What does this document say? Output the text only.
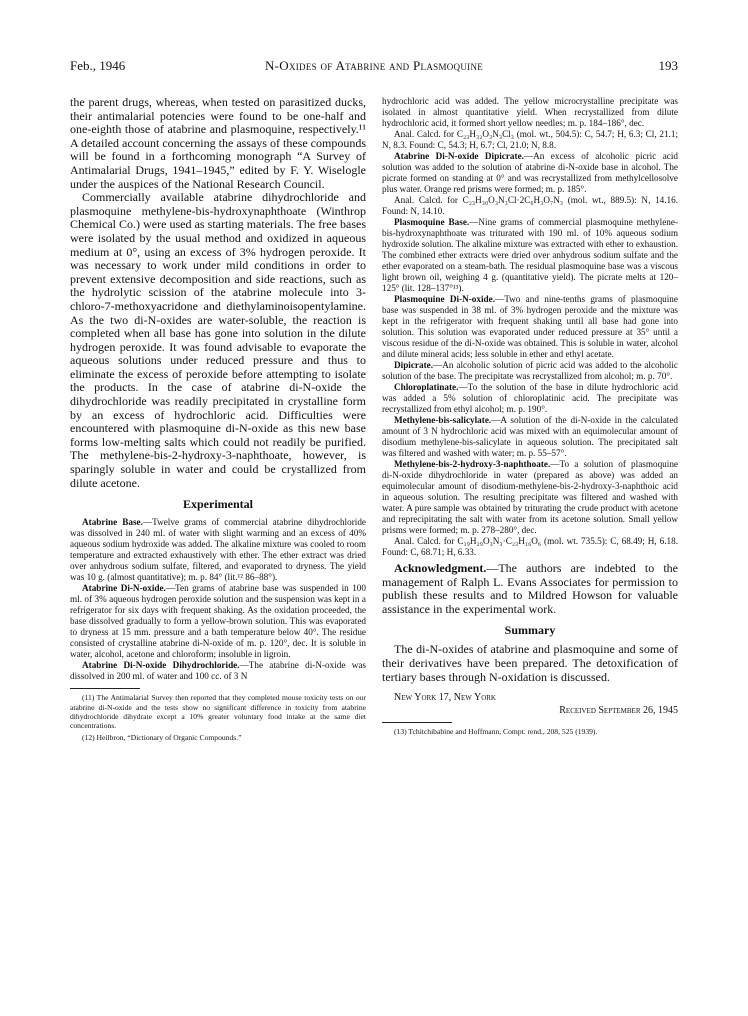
Feb., 1946	N-Oxides of Atabrine and Plasmoquine	193

the parent drugs, whereas, when tested on parasitized ducks, their antimalarial potencies were found to be one-half and one-eighth those of atabrine and plasmoquine, respectively.¹¹ A detailed account concerning the assays of these compounds will be found in a forthcoming monograph “A Survey of Antimalarial Drugs, 1941–1945,” edited by F. Y. Wiselogle under the auspices of the National Research Council.

Commercially available atabrine dihydrochloride and plasmoquine methylene-bis-hydroxynaphthoate (Winthrop Chemical Co.) were used as starting materials. The free bases were isolated by the usual method and oxidized in aqueous medium at 0°, using an excess of 3% hydrogen peroxide. It was necessary to work under mild conditions in order to prevent extensive decomposition and side reactions, such as the hydrolytic scission of the atabrine molecule into 3-chloro-7-methoxyacridone and diethylaminoisopentylamine. As the two di-N-oxides are water-soluble, the reaction is completed when all base has gone into solution in the dilute hydrogen peroxide. It was found advisable to evaporate the aqueous solutions under reduced pressure and thus to eliminate the excess of peroxide before attempting to isolate the products. In the case of atabrine di-N-oxide the dihydrochloride was readily precipitated in crystalline form by an excess of hydrochloric acid. Difficulties were encountered with plasmoquine di-N-oxide as this new base forms low-melting salts which could not readily be purified. The methylene-bis-2-hydroxy-3-naphthoate, however, is sparingly soluble in water and could be crystallized from dilute acetone.

Experimental

Atabrine Base.—Twelve grams of commercial atabrine dihydrochloride was dissolved in 240 ml. of water with slight warming and an excess of 40% aqueous sodium hydroxide was added. The alkaline mixture was cooled to room temperature and extracted exhaustively with ether. The ether extract was dried over anhydrous sodium sulfate, filtered, and evaporated to dryness. The yield was 10 g. (almost quantitative); m. p. 84° (lit.¹² 86–88°).

Atabrine Di-N-oxide.—Ten grams of atabrine base was suspended in 100 ml. of 3% aqueous hydrogen peroxide solution and the suspension was kept in a refrigerator for six days with frequent shaking. As the oxidation proceeded, the base dissolved gradually to form a yellow-brown solution. This was evaporated to dryness at 15 mm. pressure and a bath temperature below 40°. The residue consisted of crystalline atabrine di-N-oxide of m. p. 120°, dec. It is soluble in water, alcohol, acetone and chloroform; insoluble in ligroin.

Atabrine Di-N-oxide Dihydrochloride.—The atabrine di-N-oxide was dissolved in 200 ml. of water and 100 cc. of 3 N

(11) The Antimalarial Survey then reported that they completed mouse toxicity tests on our atabrine di-N-oxide and the tests show no significant difference in toxicity from atabrine dihydrochloride dihydrate except a 10% greater voluntary food intake at the same diet concentrations.

(12) Heilbron, “Dictionary of Organic Compounds.”

hydrochloric acid was added. The yellow microcrystalline precipitate was isolated in almost quantitative yield. When recrystallized from dilute hydrochloric acid, it formed short yellow needles; m. p. 184–186°, dec.

Anal. Calcd. for C₂₃H₃₂O₃N₃Cl₃ (mol. wt., 504.5): C, 54.7; H, 6.3; Cl, 21.1; N, 8.3. Found: C, 54.3; H, 6.7; Cl, 21.0; N, 8.8.

Atabrine Di-N-oxide Dipicrate.—An excess of alcoholic picric acid solution was added to the solution of atabrine di-N-oxide base in alcohol. The picrate formed on standing at 0° and was recrystallized from methylcellosolve plus water. Orange red prisms were formed; m. p. 185°.

Anal. Calcd. for C₂₃H₃₀O₃N₃Cl·2C₆H₃O₇N₃ (mol. wt., 889.5): N, 14.16. Found: N, 14.10.

Plasmoquine Base.—Nine grams of commercial plasmoquine methylene-bis-hydroxynaphthoate was triturated with 190 ml. of 10% aqueous sodium hydroxide solution. The alkaline mixture was extracted with ether to exhaustion. The combined ether extracts were dried over anhydrous sodium sulfate and the ether evaporated on a steam-bath. The residual plasmoquine base was a viscous light brown oil, weighing 4 g. (quantitative yield). The picrate melts at 120–125° (lit. 128–137°¹³).

Plasmoquine Di-N-oxide.—Two and nine-tenths grams of plasmoquine base was suspended in 38 ml. of 3% hydrogen peroxide and the mixture was kept in the refrigerator with frequent shaking until all base had gone into solution. This solution was evaporated under reduced pressure at 35° until a viscous residue of the di-N-oxide was obtained. This is soluble in water, alcohol and dilute mineral acids; less soluble in ether and ethyl acetate.

Dipicrate.—An alcoholic solution of picric acid was added to the alcoholic solution of the base. The precipitate was recrystallized from alcohol; m. p. 70°.

Chloroplatinate.—To the solution of the base in dilute hydrochloric acid was added a 5% solution of chloroplatinic acid. The precipitate was recrystallized from ethyl alcohol; m. p. 190°.

Methylene-bis-salicylate.—A solution of the di-N-oxide in the calculated amount of 3 N hydrochloric acid was mixed with an equimolecular amount of disodium methylene-bis-salicylate in aqueous solution. The precipitated salt was filtered and washed with water; m. p. 55–57°.

Methylene-bis-2-hydroxy-3-naphthoate.—To a solution of plasmoquine di-N-oxide dihydrochloride in water (prepared as above) was added an equimolecular amount of disodium-methylene-bis-2-hydroxy-3-naphthoic acid in aqueous solution. The resulting precipitate was filtered and washed with water. A pure sample was obtained by triturating the crude product with acetone and reprecipitating the salt with water from its acetone solution. Small yellow prisms were formed; m. p. 278–280°, dec.

Anal. Calcd. for C₁₉H₂₉O₃N₃·C₂₃H₁₆O₆ (mol. wt. 735.5): C, 68.49; H, 6.18. Found: C, 68.71; H, 6.33.

Acknowledgment.—The authors are indebted to the management of Ralph L. Evans Associates for permission to publish these results and to Mildred Howson for valuable assistance in the experimental work.

Summary

The di-N-oxides of atabrine and plasmoquine and some of their derivatives have been prepared. The detoxification of tertiary bases through N-oxidation is discussed.

New York 17, New York

Received September 26, 1945

(13) Tchitchibabine and Hoffmann, Compt. rend., 208, 525 (1939).
